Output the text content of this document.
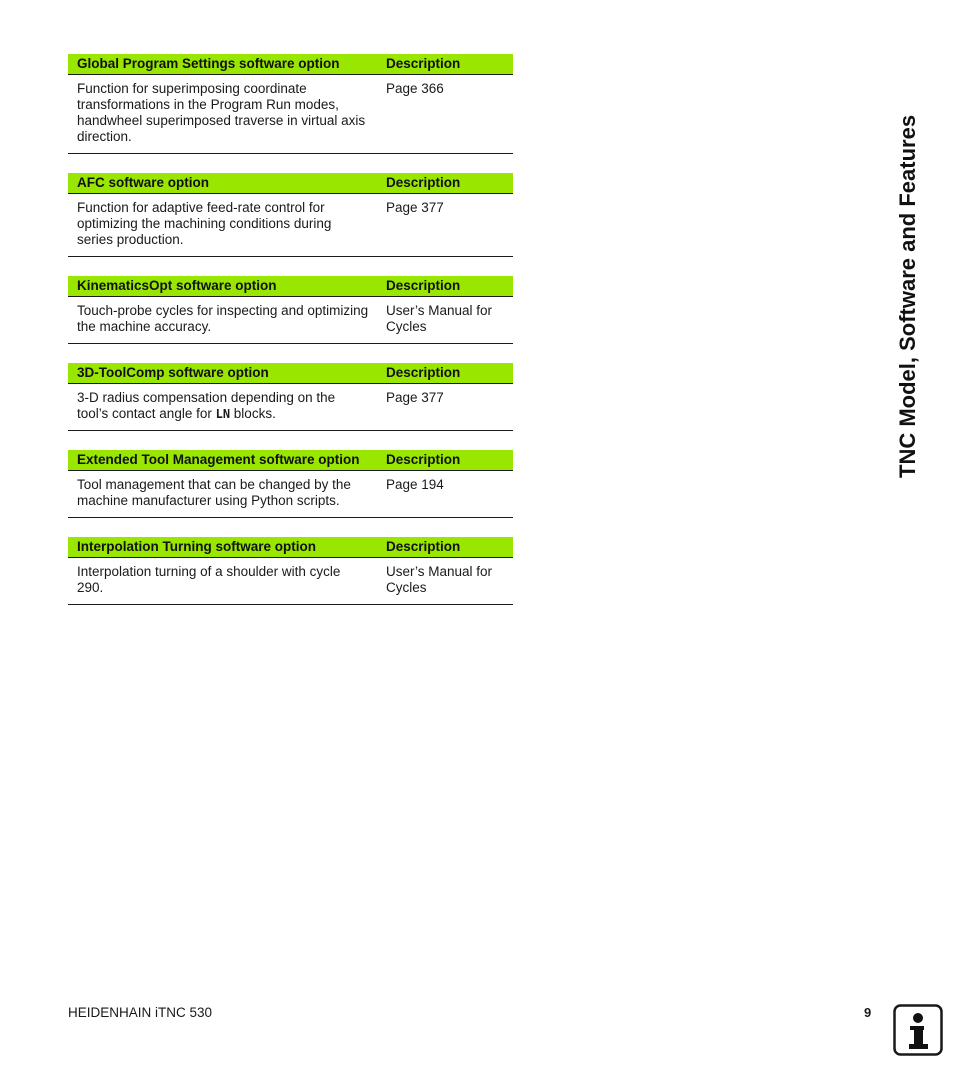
Global Program Settings software option	Description
Function for superimposing coordinate transformations in the Program Run modes, handwheel superimposed traverse in virtual axis direction.	Page 366
AFC software option	Description
Function for adaptive feed-rate control for optimizing the machining conditions during series production.	Page 377
KinematicsOpt software option	Description
Touch-probe cycles for inspecting and optimizing the machine accuracy.	User’s Manual for Cycles
3D-ToolComp software option	Description
3-D radius compensation depending on the tool’s contact angle for LN blocks.	Page 377
Extended Tool Management software option	Description
Tool management that can be changed by the machine manufacturer using Python scripts.	Page 194
Interpolation Turning software option	Description
Interpolation turning of a shoulder with cycle 290.	User’s Manual for Cycles
TNC Model, Software and Features
HEIDENHAIN iTNC 530	9
